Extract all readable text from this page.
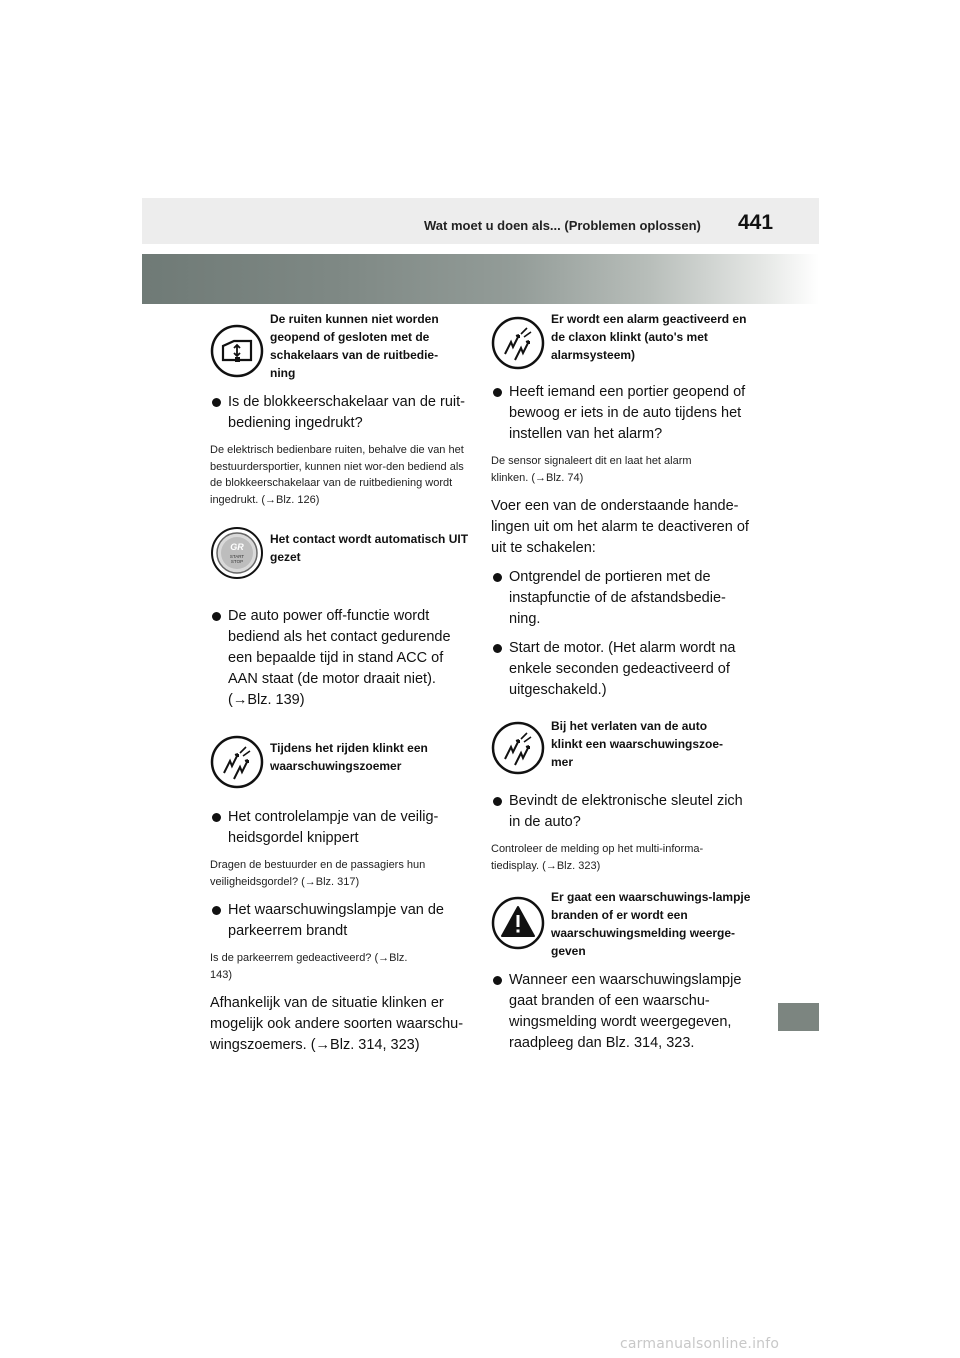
Wat moet u doen als... (Problemen oplossen) 441
De ruiten kunnen niet worden geopend of gesloten met de schakelaars van de ruitbedie-ning
Is de blokkeerschakelaar van de ruit-bediening ingedrukt?
De elektrisch bedienbare ruiten, behalve die van het bestuurdersportier, kunnen niet wor-den bediend als de blokkeerschakelaar van de ruitbediening wordt ingedrukt. (→Blz. 126)
GR
START
STOP
Het contact wordt automatisch UIT gezet
De auto power off-functie wordt bediend als het contact gedurende een bepaalde tijd in stand ACC of AAN staat (de motor draait niet). (→Blz. 139)
Tijdens het rijden klinkt een waarschuwingszoemer
Het controlelampje van de veilig-heidsgordel knippert
Dragen de bestuurder en de passagiers hun veiligheidsgordel? (→Blz. 317)
Het waarschuwingslampje van de parkeerrem brandt
Is de parkeerrem gedeactiveerd? (→Blz. 143)
Afhankelijk van de situatie klinken er mogelijk ook andere soorten waarschu-wingszoemers. (→Blz. 314, 323)
Er wordt een alarm geactiveerd en de claxon klinkt (auto's met alarmsysteem)
Heeft iemand een portier geopend of bewoog er iets in de auto tijdens het instellen van het alarm?
De sensor signaleert dit en laat het alarm klinken. (→Blz. 74)
Voer een van de onderstaande hande-lingen uit om het alarm te deactiveren of uit te schakelen:
Ontgrendel de portieren met de instapfunctie of de afstandsbedie-ning.
Start de motor. (Het alarm wordt na enkele seconden gedeactiveerd of uitgeschakeld.)
Bij het verlaten van de auto klinkt een waarschuwingszoe-mer
Bevindt de elektronische sleutel zich in de auto?
Controleer de melding op het multi-informa-tiedisplay. (→Blz. 323)
Er gaat een waarschuwings-lampje branden of er wordt een waarschuwingsmelding weerge-geven
Wanneer een waarschuwingslampje gaat branden of een waarschu-wingsmelding wordt weergegeven, raadpleeg dan Blz. 314, 323.
carmanualsonline.info
